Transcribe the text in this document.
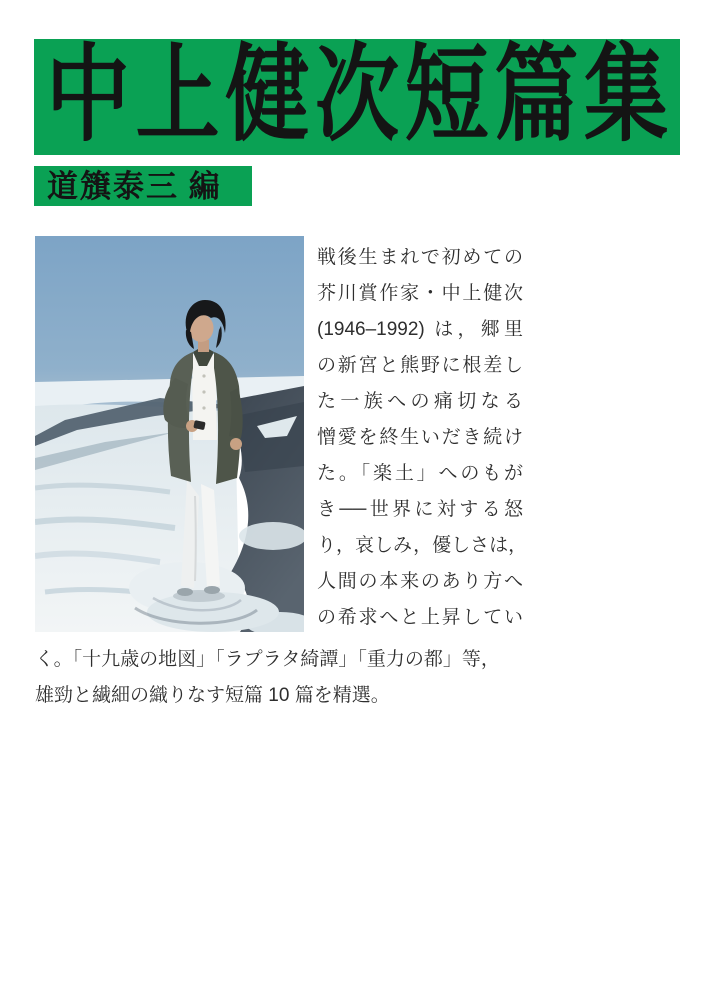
中上健次短篇集
道籏泰三 編
戦後生まれで初めての
芥川賞作家・中上健次
(1946–1992) は，郷里
の新宮と熊野に根差し
た一族への痛切なる
憎愛を終生いだき続け
た。「楽土」へのもが
き──世界に対する怒
り，哀しみ，優しさは，
人間の本来のあり方へ
の希求へと上昇してい
く。「十九歳の地図」「ラプラタ綺譚」「重力の都」等，
雄勁と繊細の織りなす短篇 10 篇を精選。
